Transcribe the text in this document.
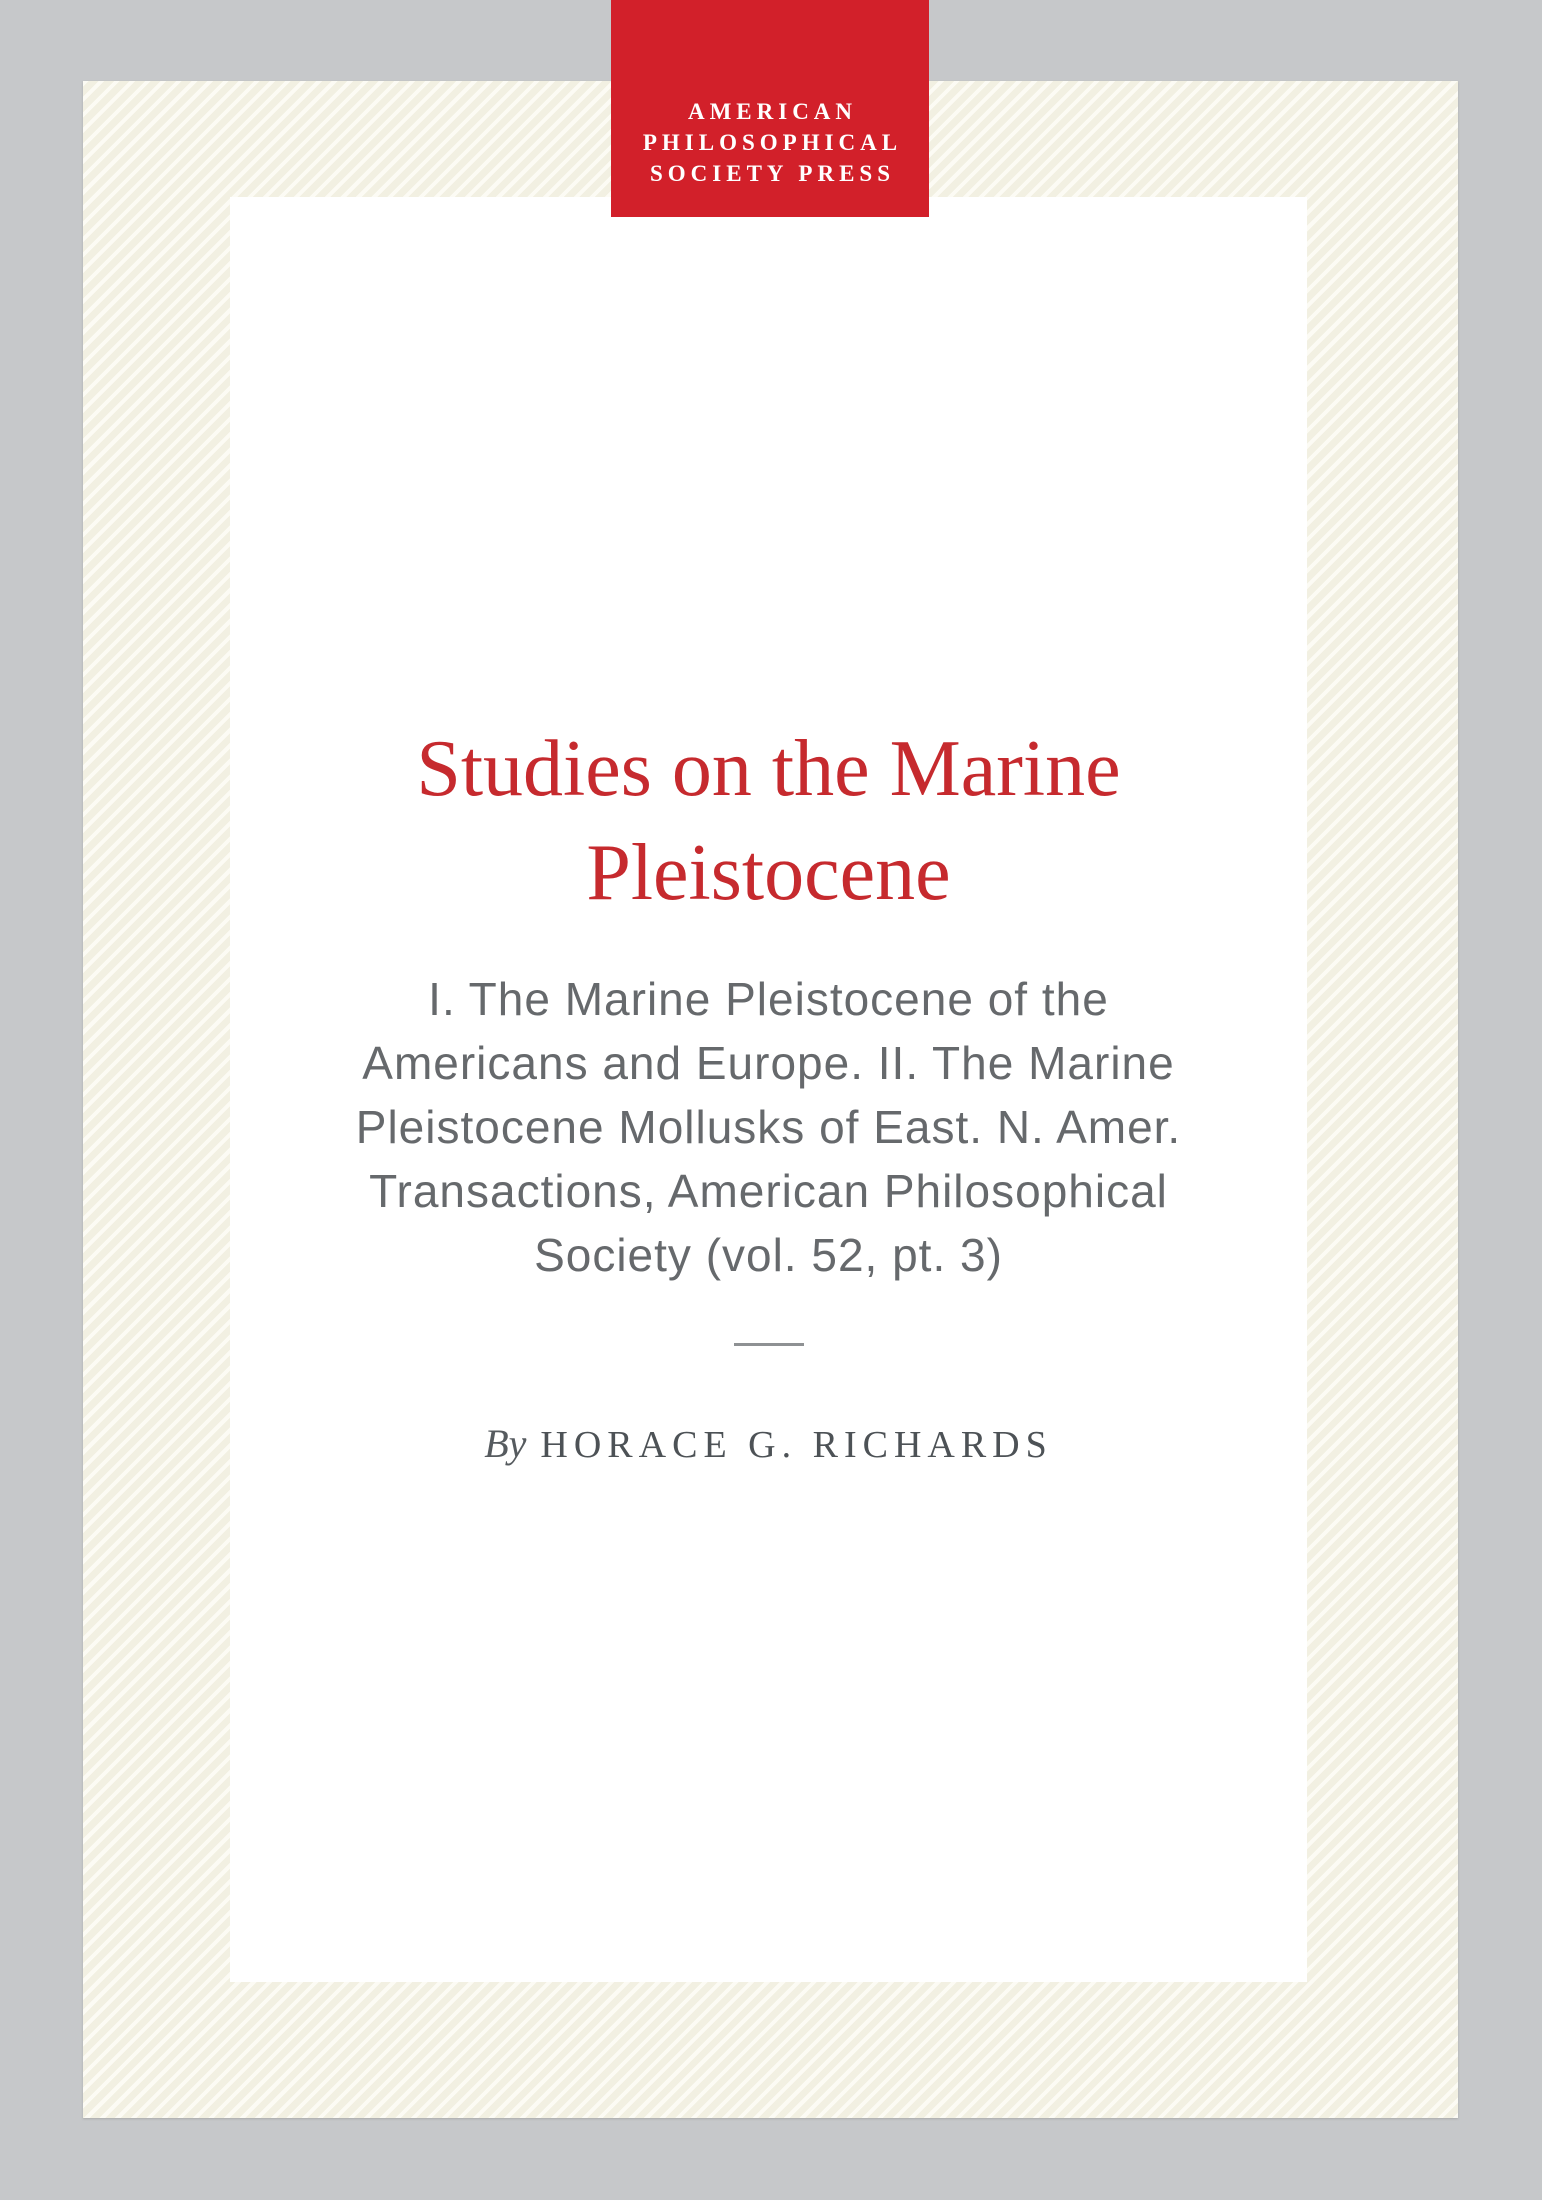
Studies on the Marine
Pleistocene
I. The Marine Pleistocene of the
Americans and Europe. II. The Marine
Pleistocene Mollusks of East. N. Amer.
Transactions, American Philosophical
Society (vol. 52, pt. 3)
By HORACE G. RICHARDS
AMERICAN
PHILOSOPHICAL
SOCIETY PRESS
